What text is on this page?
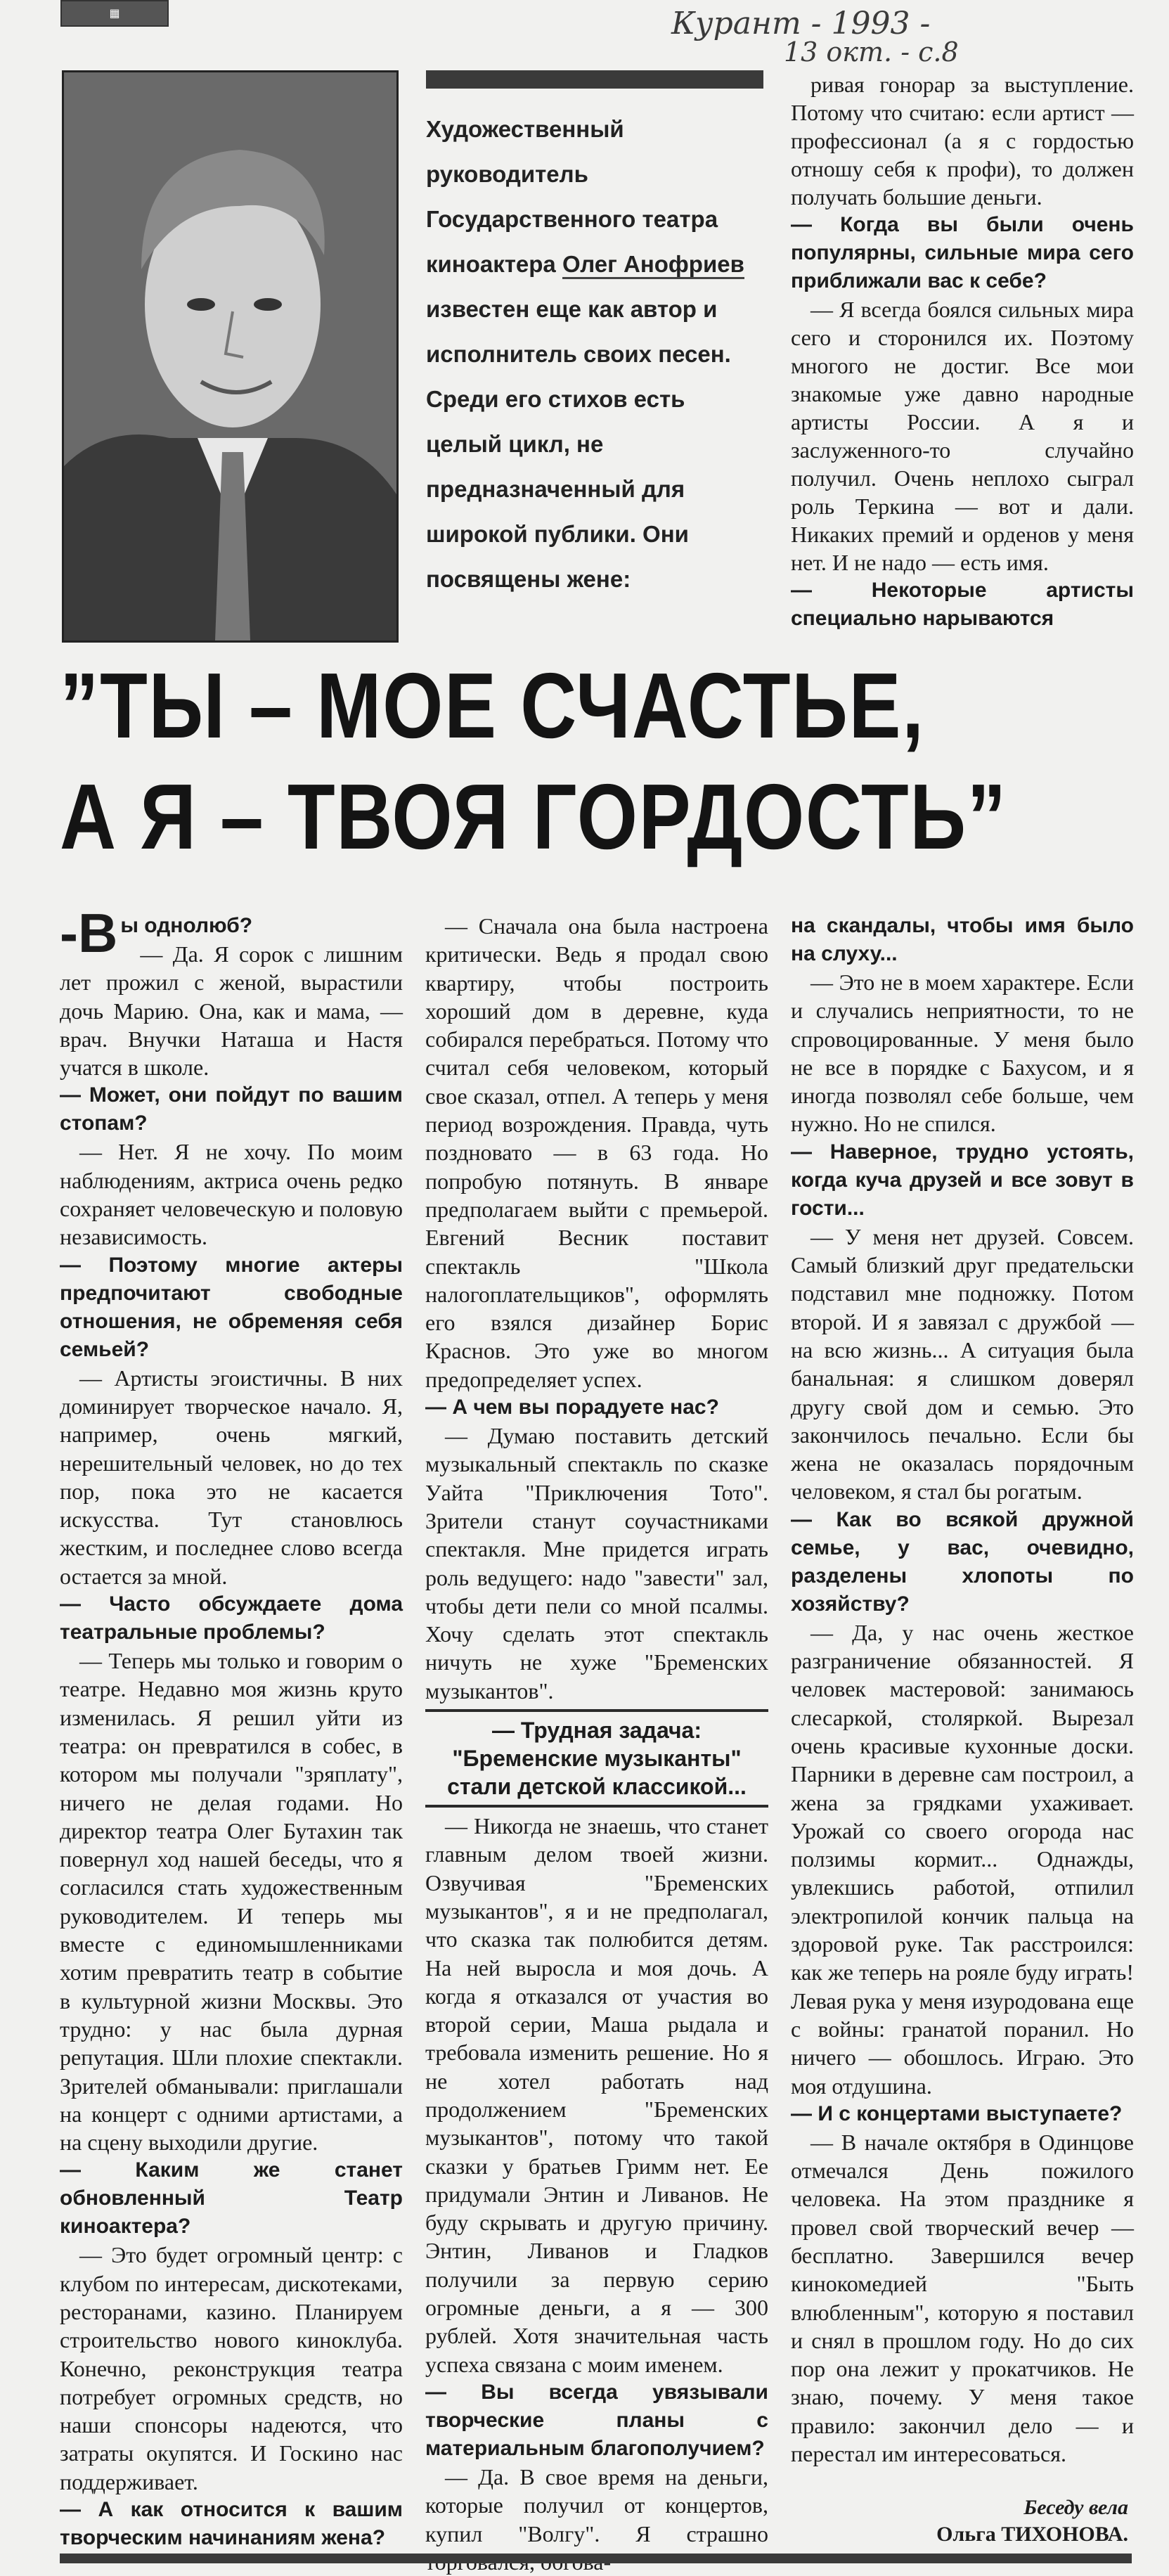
▦	Курант - 1993 -
13 окт. - с.8
Художественный руководитель Государственного театра киноактера Олег Анофриев известен еще как автор и исполнитель своих песен. Среди его стихов есть целый цикл, не предназначенный для широкой публики. Они посвящены жене:

ривая гонорар за выступление. Потому что считаю: если артист — профессионал (а я с гордостью отношу себя к профи), то должен получать большие деньги.

— Когда вы были очень популярны, сильные мира сего приближали вас к себе?

— Я всегда боялся сильных мира сего и сторонился их. Поэтому многого не достиг. Все мои знакомые уже давно народные артисты России. А я и заслуженного-то случайно получил. Очень неплохо сыграл роль Теркина — вот и дали. Никаких премий и орденов у меня нет. И не надо — есть имя.

— Некоторые артисты специально нарываются

”ТЫ – МОЕ СЧАСТЬЕ,
А Я – ТВОЯ ГОРДОСТЬ”

-В ы однолюб?

— Да. Я сорок с лишним лет прожил с женой, вырастили дочь Марию. Она, как и мама, — врач. Внучки Наташа и Настя учатся в школе.

— Может, они пойдут по вашим стопам?

— Нет. Я не хочу. По моим наблюдениям, актриса очень редко сохраняет человеческую и половую независимость.

— Поэтому многие актеры предпочитают свободные отношения, не обременяя себя семьей?

— Артисты эгоистичны. В них доминирует творческое начало. Я, например, очень мягкий, нерешительный человек, но до тех пор, пока это не касается искусства. Тут становлюсь жестким, и последнее слово всегда остается за мной.

— Часто обсуждаете дома театральные проблемы?

— Теперь мы только и говорим о театре. Недавно моя жизнь круто изменилась. Я решил уйти из театра: он превратился в собес, в котором мы получали "зряплату", ничего не делая годами. Но директор театра Олег Бутахин так повернул ход нашей беседы, что я согласился стать художественным руководителем. И теперь мы вместе с единомышленниками хотим превратить театр в событие в культурной жизни Москвы. Это трудно: у нас была дурная репутация. Шли плохие спектакли. Зрителей обманывали: приглашали на концерт с одними артистами, а на сцену выходили другие.

— Каким же станет обновленный Театр киноактера?

— Это будет огромный центр: с клубом по интересам, дискотеками, ресторанами, казино. Планируем строительство нового киноклуба. Конечно, реконструкция театра потребует огромных средств, но наши спонсоры надеются, что затраты окупятся. И Госкино нас поддерживает.

— А как относится к вашим творческим начинаниям жена?

— Сначала она была настроена критически. Ведь я продал свою квартиру, чтобы построить хороший дом в деревне, куда собирался перебраться. Потому что считал себя человеком, который свое сказал, отпел. А теперь у меня период возрождения. Правда, чуть поздновато — в 63 года. Но попробую потянуть. В январе предполагаем выйти с премьерой. Евгений Весник поставит спектакль "Школа налогоплательщиков", оформлять его взялся дизайнер Борис Краснов. Это уже во многом предопределяет успех.

— А чем вы порадуете нас?

— Думаю поставить детский музыкальный спектакль по сказке Уайта "Приключения Тото". Зрители станут соучастниками спектакля. Мне придется играть роль ведущего: надо "завести" зал, чтобы дети пели со мной псалмы. Хочу сделать этот спектакль ничуть не хуже "Бременских музыкантов".

— Трудная задача: "Бременские музыканты" стали детской классикой...

— Никогда не знаешь, что станет главным делом твоей жизни. Озвучивая "Бременских музыкантов", я и не предполагал, что сказка так полюбится детям. На ней выросла и моя дочь. А когда я отказался от участия во второй серии, Маша рыдала и требовала изменить решение. Но я не хотел работать над продолжением "Бременских музыкантов", потому что такой сказки у братьев Гримм нет. Ее придумали Энтин и Ливанов. Не буду скрывать и другую причину. Энтин, Ливанов и Гладков получили за первую серию огромные деньги, а я — 300 рублей. Хотя значительная часть успеха связана с моим именем.

— Вы всегда увязывали творческие планы с материальным благополучием?

— Да. В свое время на деньги, которые получил от концертов, купил "Волгу". Я страшно

на скандалы, чтобы имя было на слуху...

— Это не в моем характере. Если и случались неприятности, то не спровоцированные. У меня было не все в порядке с Бахусом, и я иногда позволял себе больше, чем нужно. Но не спился.

— Наверное, трудно устоять, когда куча друзей и все зовут в гости...

— У меня нет друзей. Совсем. Самый близкий друг предательски подставил мне подножку. Потом второй. И я завязал с дружбой — на всю жизнь... А ситуация была банальная: я слишком доверял другу свой дом и семью. Это закончилось печально. Если бы жена не оказалась порядочным человеком, я стал бы рогатым.

— Как во всякой дружной семье, у вас, очевидно, разделены хлопоты по хозяйству?

— Да, у нас очень жесткое разграничение обязанностей. Я человек мастеровой: занимаюсь слесаркой, столяркой. Вырезал очень красивые кухонные доски. Парники в деревне сам построил, а жена за грядками ухаживает. Урожай со своего огорода нас ползимы кормит... Однажды, увлекшись работой, отпилил электропилой кончик пальца на здоровой руке. Так расстроился: как же теперь на рояле буду играть! Левая рука у меня изуродована еще с войны: гранатой поранил. Но ничего — обошлось. Играю. Это моя отдушина.

— И с концертами выступаете?

— В начале октября в Одинцове отмечался День пожилого человека. На этом празднике я провел свой творческий вечер — бесплатно. Завершился вечер кинокомедией "Быть влюбленным", которую я поставил и снял в прошлом году. Но до сих пор она лежит у прокатчиков. Не знаю, почему. У меня такое правило: закончил дело — и перестал им интересоваться.

Беседу вела
Ольга ТИХОНОВА.
